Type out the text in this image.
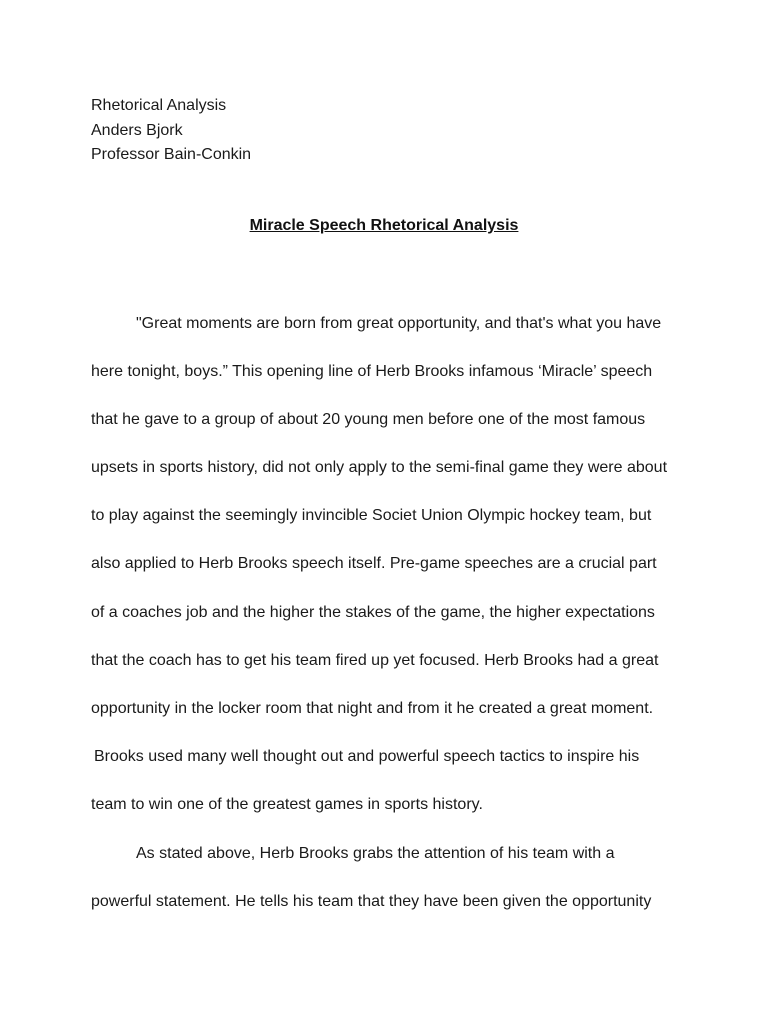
Rhetorical Analysis
Anders Bjork
Professor Bain-Conkin
Miracle Speech Rhetorical Analysis
"Great moments are born from great opportunity, and that's what you have
here tonight, boys.” This opening line of Herb Brooks infamous ‘Miracle’ speech
that he gave to a group of about 20 young men before one of the most famous
upsets in sports history, did not only apply to the semi-final game they were about
to play against the seemingly invincible Societ Union Olympic hockey team, but
also applied to Herb Brooks speech itself. Pre-game speeches are a crucial part
of a coaches job and the higher the stakes of the game, the higher expectations
that the coach has to get his team fired up yet focused. Herb Brooks had a great
opportunity in the locker room that night and from it he created a great moment.
Brooks used many well thought out and powerful speech tactics to inspire his
team to win one of the greatest games in sports history.
As stated above, Herb Brooks grabs the attention of his team with a
powerful statement. He tells his team that they have been given the opportunity
